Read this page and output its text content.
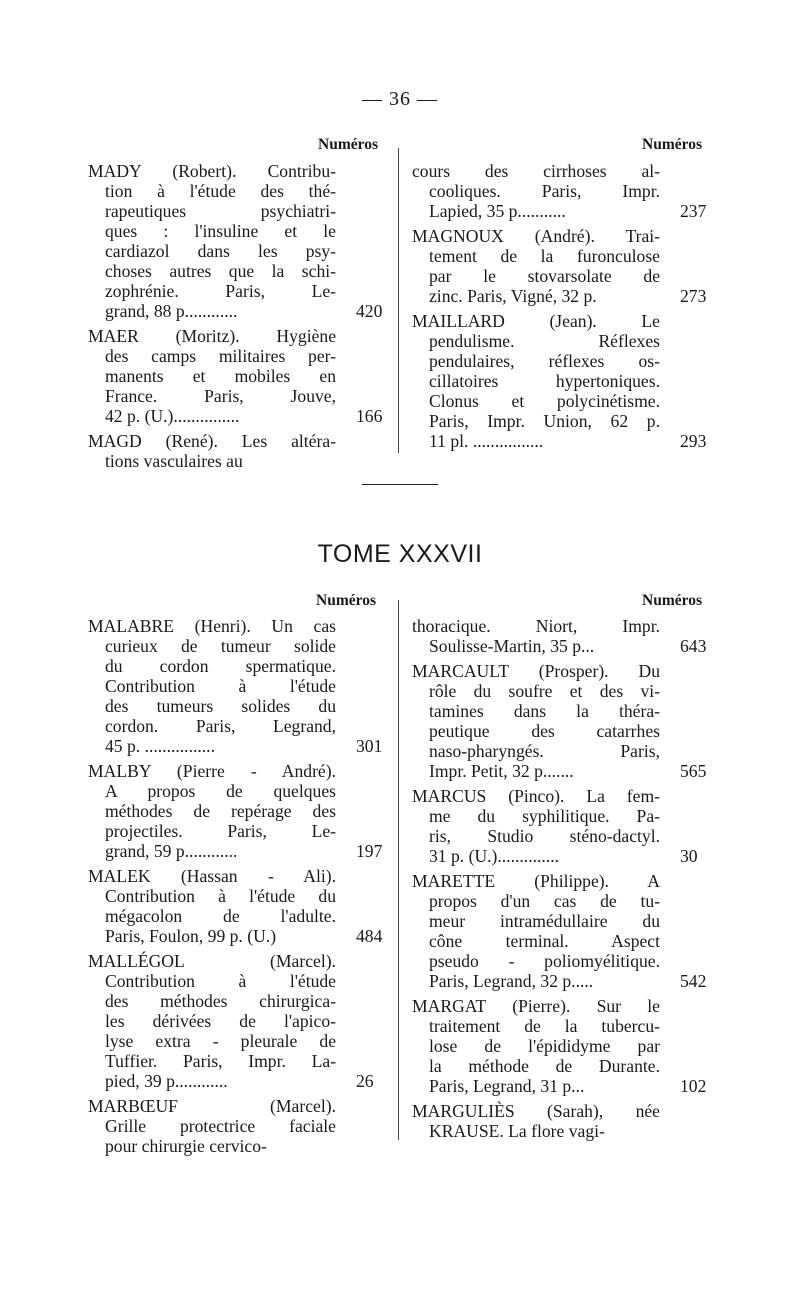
— 36 —
Numéros	Numéros
MADY (Robert). Contribu-
tion à l'étude des thé-
rapeutiques psychiatri-
ques : l'insuline et le
cardiazol dans les psy-
choses autres que la schi-
zophrénie. Paris, Le-
grand, 88 p............	420
MAER (Moritz). Hygiène
des camps militaires per-
manents et mobiles en
France. Paris, Jouve,
42 p. (U.)...............	166
MAGD (René). Les altéra-
tions vasculaires au
cours des cirrhoses al-
cooliques. Paris, Impr.
Lapied, 35 p...........	237
MAGNOUX (André). Trai-
tement de la furonculose
par le stovarsolate de
zinc. Paris, Vigné, 32 p.	273
MAILLARD (Jean). Le
pendulisme. Réflexes
pendulaires, réflexes os-
cillatoires hypertoniques.
Clonus et polycinétisme.
Paris, Impr. Union, 62 p.
11 pl. ................	293
TOME XXXVII
Numéros	Numéros
MALABRE (Henri). Un cas
curieux de tumeur solide
du cordon spermatique.
Contribution à l'étude
des tumeurs solides du
cordon. Paris, Legrand,
45 p. ................	301
MALBY (Pierre - André).
A propos de quelques
méthodes de repérage des
projectiles. Paris, Le-
grand, 59 p............	197
MALEK (Hassan - Ali).
Contribution à l'étude du
mégacolon de l'adulte.
Paris, Foulon, 99 p. (U.)	484
MALLÉGOL (Marcel).
Contribution à l'étude
des méthodes chirurgica-
les dérivées de l'apico-
lyse extra - pleurale de
Tuffier. Paris, Impr. La-
pied, 39 p............	26
MARBŒUF (Marcel).
Grille protectrice faciale
pour chirurgie cervico-
thoracique. Niort, Impr.
Soulisse-Martin, 35 p...	643
MARCAULT (Prosper). Du
rôle du soufre et des vi-
tamines dans la théra-
peutique des catarrhes
naso-pharyngés. Paris,
Impr. Petit, 32 p.......	565
MARCUS (Pinco). La fem-
me du syphilitique. Pa-
ris, Studio sténo-dactyl.
31 p. (U.)..............	30
MARETTE (Philippe). A
propos d'un cas de tu-
meur intramédullaire du
cône terminal. Aspect
pseudo - poliomyélitique.
Paris, Legrand, 32 p.....	542
MARGAT (Pierre). Sur le
traitement de la tubercu-
lose de l'épididyme par
la méthode de Durante.
Paris, Legrand, 31 p...	102
MARGULIÈS (Sarah), née
KRAUSE. La flore vagi-
